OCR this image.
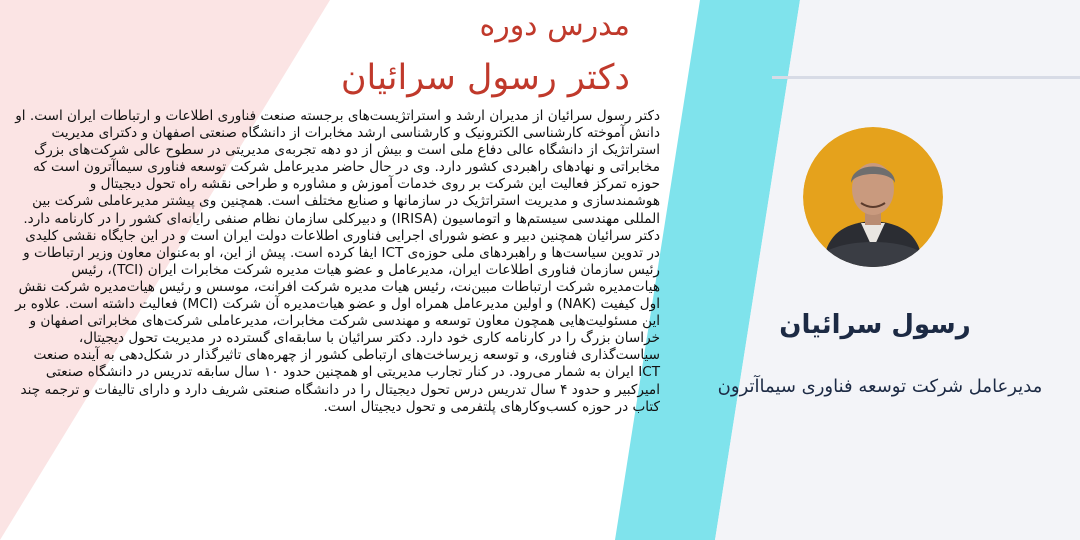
مدرس دوره
دکتر رسول سرائیان

دکتر رسول سرائیان از مدیران ارشد و استراتژیست‌های برجسته صنعت فناوری اطلاعات و ارتباطات ایران است. او دانش آموخته کارشناسی الکترونیک و کارشناسی ارشد مخابرات از دانشگاه صنعتی اصفهان و دکترای مدیریت استراتژیک از دانشگاه عالی دفاع ملی است و بیش از دو دهه تجربه‌ی مدیریتی در سطوح عالی شرکت‌های بزرگ مخابراتی و نهادهای راهبردی کشور دارد. وی در حال حاضر مدیرعامل شرکت توسعه فناوری سیماآترون است که حوزه تمرکز فعالیت این شرکت بر روی خدمات آموزش و مشاوره و طراحی نقشه راه تحول دیجیتال و هوشمندسازی و مدیریت استراتژیک در سازمانها و صنایع مختلف است. همچنین وی پیشتر مدیرعاملی شرکت بین المللی مهندسی سیستم‌ها و اتوماسیون (IRISA) و دبیرکلی سازمان نظام صنفی رایانه‌ای کشور را در کارنامه دارد. دکتر سرائیان همچنین دبیر و عضو شورای اجرایی فناوری اطلاعات دولت ایران است و در این جایگاه نقشی کلیدی در تدوین سیاست‌ها و راهبردهای ملی حوزه‌ی ICT ایفا کرده است. پیش از این، او به‌عنوان معاون وزیر ارتباطات و رئیس سازمان فناوری اطلاعات ایران، مدیرعامل و عضو هیات مدیره شرکت مخابرات ایران (TCI)، رئیس هیات‌مدیره شرکت ارتباطات مبین‌نت، رئیس هیات مدیره شرکت افرانت، موسس و رئیس هیات‌مدیره شرکت نقش اول کیفیت (NAK) و اولین مدیرعامل همراه اول و عضو هیات‌مدیره آن شرکت (MCI) فعالیت داشته است. علاوه بر این مسئولیت‌هایی همچون معاون توسعه و مهندسی شرکت مخابرات، مدیرعاملی شرکت‌های مخابراتی اصفهان و خراسان بزرگ را در کارنامه کاری خود دارد. دکتر سرائیان با سابقه‌ای گسترده در مدیریت تحول دیجیتال، سیاست‌گذاری فناوری، و توسعه زیرساخت‌های ارتباطی کشور از چهره‌های تاثیرگذار در شکل‌دهی به آینده صنعت ICT ایران به شمار می‌رود. در کنار تجارب مدیریتی او همچنین حدود ۱۰ سال سابقه تدریس در دانشگاه صنعتی امیرکبیر و حدود ۴ سال تدریس درس تحول دیجیتال را در دانشگاه صنعتی شریف دارد و دارای تالیفات و ترجمه چند کتاب در حوزه کسب‌وکارهای پلتفرمی و تحول دیجیتال است.

رسول سرائیان
مدیرعامل شرکت توسعه فناوری سیماآترون
